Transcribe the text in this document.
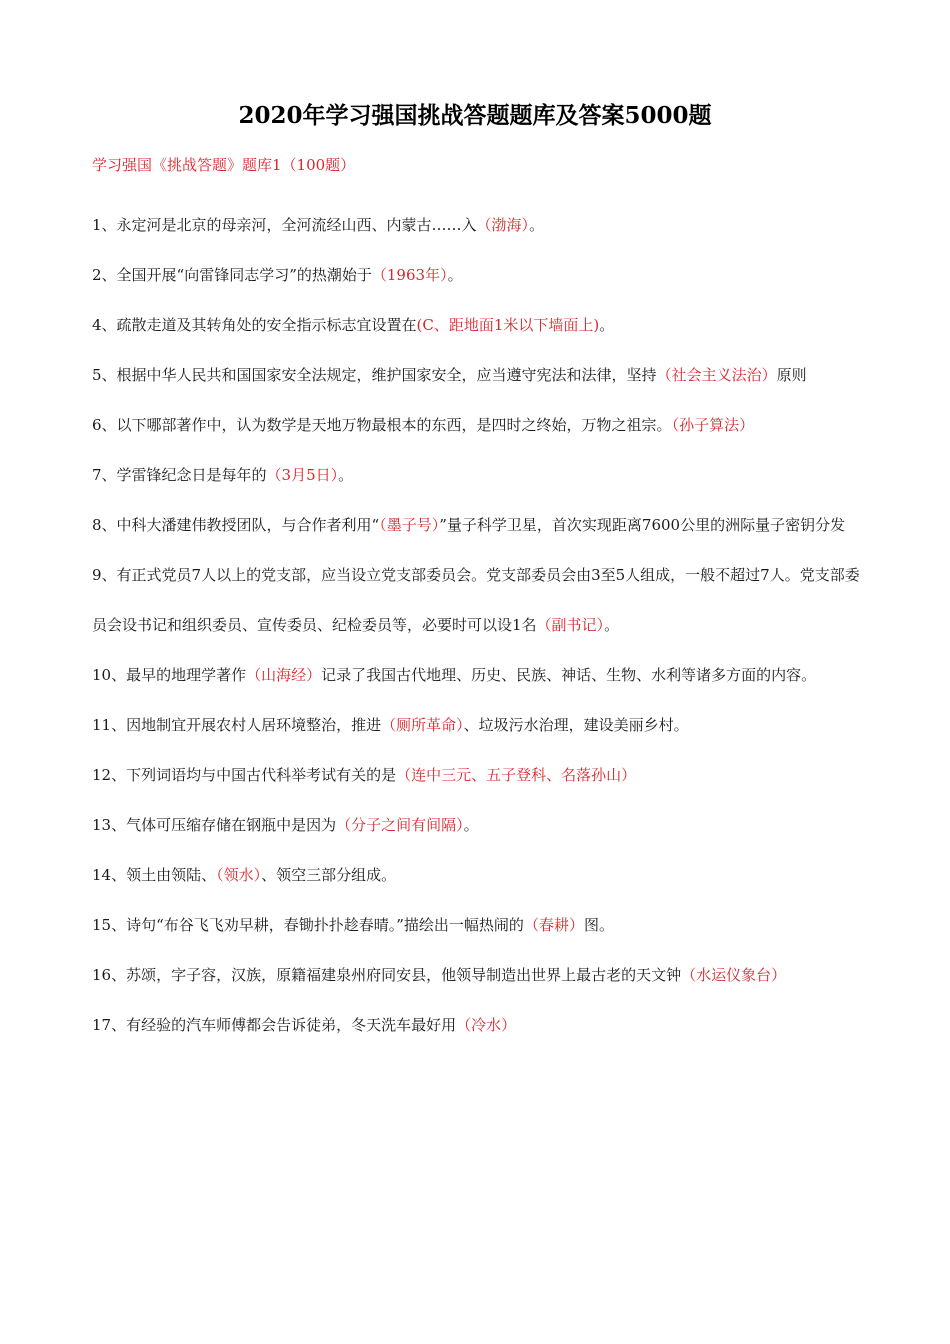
2020年学习强国挑战答题题库及答案5000题
学习强国《挑战答题》题库1（100题）
1、永定河是北京的母亲河，全河流经山西、内蒙古……入（渤海）。
2、全国开展“向雷锋同志学习”的热潮始于（1963年）。
4、疏散走道及其转角处的安全指示标志宜设置在(C、距地面1米以下墙面上)。
5、根据中华人民共和国国家安全法规定，维护国家安全，应当遵守宪法和法律，坚持（社会主义法治）原则
6、以下哪部著作中，认为数学是天地万物最根本的东西，是四时之终始，万物之祖宗。（孙子算法）
7、学雷锋纪念日是每年的（3月5日）。
8、中科大潘建伟教授团队，与合作者利用“（墨子号）”量子科学卫星，首次实现距离7600公里的洲际量子密钥分发
9、有正式党员7人以上的党支部，应当设立党支部委员会。党支部委员会由3至5人组成，一般不超过7人。党支部委员会设书记和组织委员、宣传委员、纪检委员等，必要时可以设1名（副书记）。
10、最早的地理学著作（山海经）记录了我国古代地理、历史、民族、神话、生物、水利等诸多方面的内容。
11、因地制宜开展农村人居环境整治，推进（厕所革命）、垃圾污水治理，建设美丽乡村。
12、下列词语均与中国古代科举考试有关的是（连中三元、五子登科、名落孙山）
13、气体可压缩存储在钢瓶中是因为（分子之间有间隔）。
14、领土由领陆、（领水）、领空三部分组成。
15、诗句“布谷飞飞劝早耕，春锄扑扑趁春晴。”描绘出一幅热闹的（春耕）图。
16、苏颂，字子容，汉族，原籍福建泉州府同安县，他领导制造出世界上最古老的天文钟（水运仪象台）
17、有经验的汽车师傅都会告诉徒弟，冬天洗车最好用（冷水）
